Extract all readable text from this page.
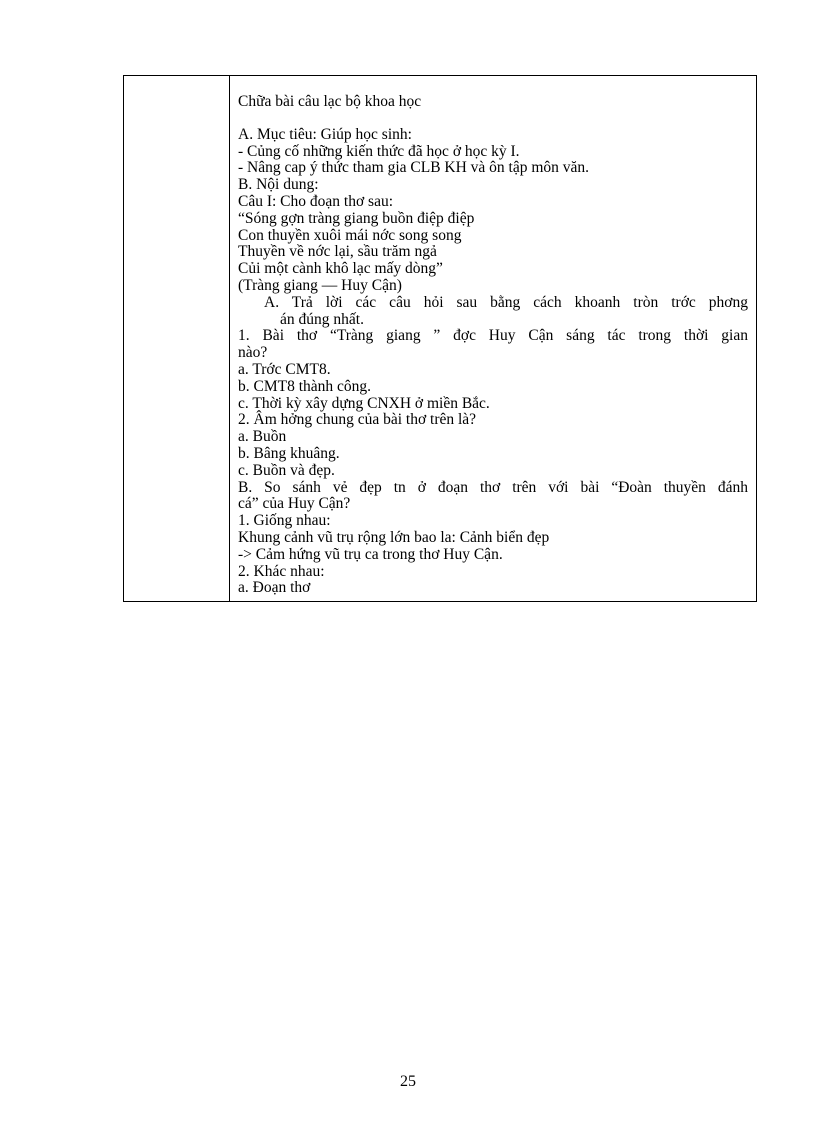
Chữa bài câu lạc bộ khoa học
A. Mục tiêu: Giúp học sinh:
- Củng cố những kiến thức đã học ở học kỳ I.
- Nâng cap ý thức tham gia CLB KH và ôn tập môn văn.
B. Nội dung:
Câu I: Cho đoạn thơ sau:
“Sóng gợn tràng giang buồn điệp điệp
Con thuyền xuôi mái nớc song song
Thuyền về nớc lại, sầu trăm ngả
Củi một cành khô lạc mấy dòng”
(Tràng giang — Huy Cận)
A. Trả lời các câu hỏi sau bằng cách khoanh tròn trớc phơng
án đúng nhất.
1. Bài thơ “Tràng giang ” đợc Huy Cận sáng tác trong thời gian
nào?
a. Trớc CMT8.
b. CMT8 thành công.
c. Thời kỳ xây dựng CNXH ở miền Bắc.
2. Âm hởng chung của bài thơ trên là?
a. Buồn
b. Bâng khuâng.
c. Buồn và đẹp.
B. So sánh vẻ đẹp tn ở đoạn thơ trên với bài “Đoàn thuyền đánh
cá” của Huy Cận?
1. Giống nhau:
Khung cảnh vũ trụ rộng lớn bao la: Cảnh biển đẹp
-> Cảm hứng vũ trụ ca trong thơ Huy Cận.
2. Khác nhau:
a. Đoạn thơ
25
